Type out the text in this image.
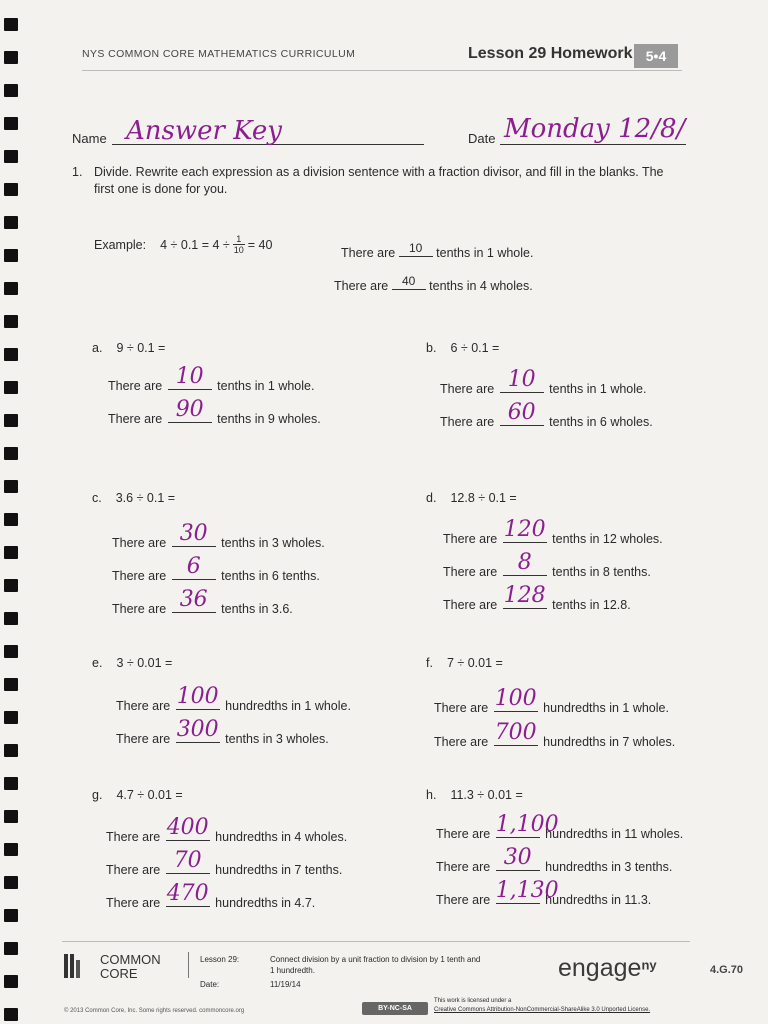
NYS COMMON CORE MATHEMATICS CURRICULUM	Lesson 29 Homework 5•4
Name Answer Key	Date Monday 12/8/
1. Divide. Rewrite each expression as a division sentence with a fraction divisor, and fill in the blanks. The
first one is done for you.
Example: 4 ÷ 0.1 = 4 ÷ 1
10 = 40
There are	10	tenths in 1 whole.
There are	40	tenths in 4 wholes.
a. 9 ÷ 0.1 =
There are 10	tenths in 1 whole.
There are 90	tenths in 9 wholes.
b. 6 ÷ 0.1 =
There are 10	tenths in 1 whole.
There are 60	tenths in 6 wholes.
c. 3.6 ÷ 0.1 =
There are 30	tenths in 3 wholes.
There are 6	tenths in 6 tenths.
There are 36	tenths in 3.6.
d. 12.8 ÷ 0.1 =
There are 120 tenths in 12 wholes.
There are 8	tenths in 8 tenths.
There are 128 tenths in 12.8.
e. 3 ÷ 0.01 =
There are 100 hundredths in 1 whole.
There are 300 tenths in 3 wholes.
f. 7 ÷ 0.01 =
There are 100 hundredths in 1 whole.
There are 700 hundredths in 7 wholes.
g. 4.7 ÷ 0.01 =
There are 400 hundredths in 4 wholes.
There are 70	hundredths in 7 tenths.
There are 470 hundredths in 4.7.
h. 11.3 ÷ 0.01 =
There are 1,100
hundredths in 11 wholes.
There are 30	hundredths in 3 tenths.
There are 1,130
hundredths in 11.3.
COMMON
CORE
Lesson 29:	Connect division by a unit fraction to division by 1 tenth and
1 hundredth.
Date:	11/19/14
engage$^{ny}$	4.G.70
© 2013 Common Core, Inc. Some rights reserved. commoncore.org	BY-NC-SA
This work is licensed under a
Creative Commons Attribution-NonCommercial-ShareAlike 3.0 Unported License.
